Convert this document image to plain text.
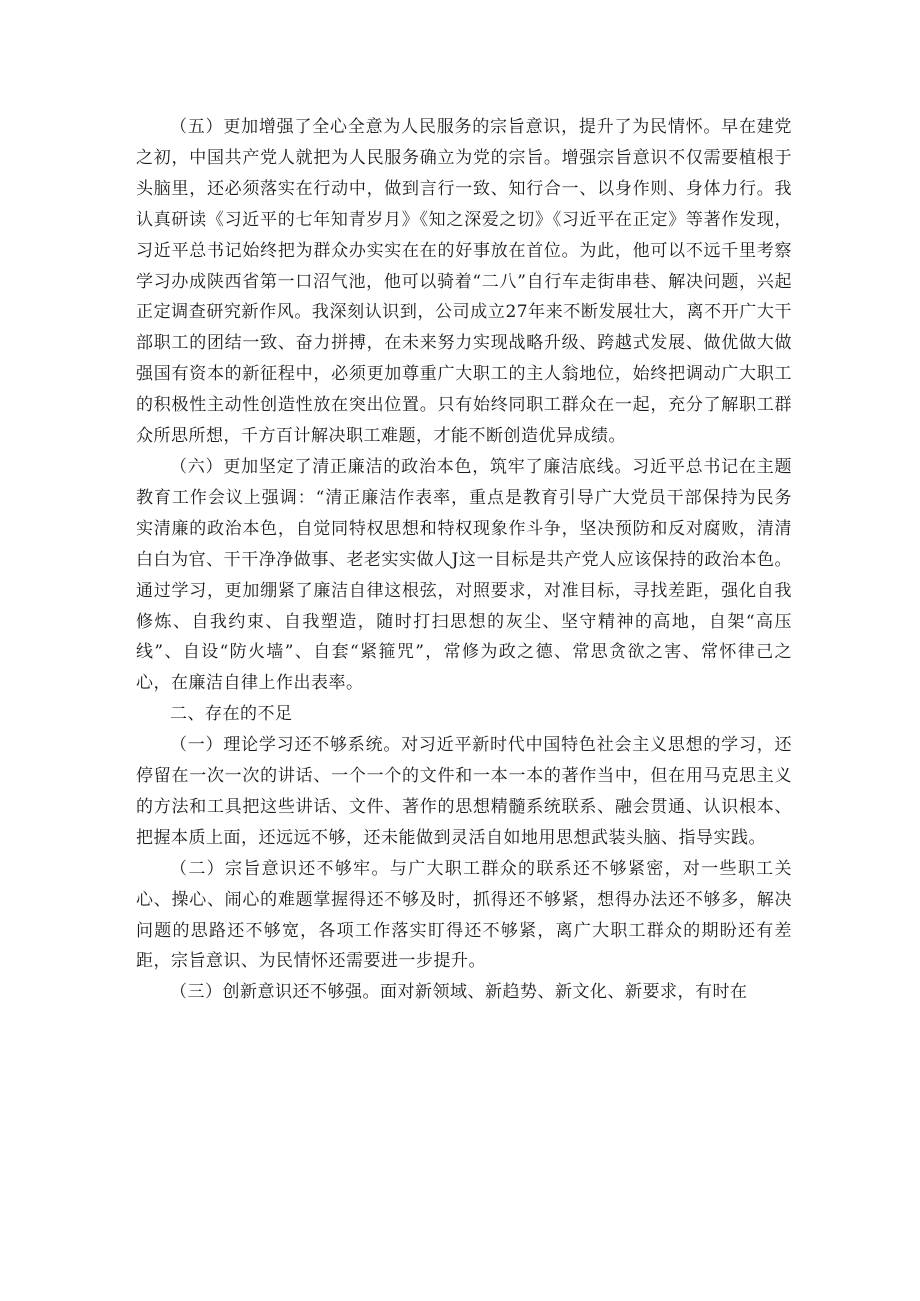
（五）更加增强了全心全意为人民服务的宗旨意识，提升了为民情怀。早在建党之初，中国共产党人就把为人民服务确立为党的宗旨。增强宗旨意识不仅需要植根于头脑里，还必须落实在行动中，做到言行一致、知行合一、以身作则、身体力行。我认真研读《习近平的七年知青岁月》《知之深爱之切》《习近平在正定》等著作发现，习近平总书记始终把为群众办实实在在的好事放在首位。为此，他可以不远千里考察学习办成陕西省第一口沼气池，他可以骑着“二八”自行车走街串巷、解决问题，兴起正定调查研究新作风。我深刻认识到，公司成立27年来不断发展壮大，离不开广大干部职工的团结一致、奋力拼搏，在未来努力实现战略升级、跨越式发展、做优做大做强国有资本的新征程中，必须更加尊重广大职工的主人翁地位，始终把调动广大职工的积极性主动性创造性放在突出位置。只有始终同职工群众在一起，充分了解职工群众所思所想，千方百计解决职工难题，才能不断创造优异成绩。

（六）更加坚定了清正廉洁的政治本色，筑牢了廉洁底线。习近平总书记在主题教育工作会议上强调：“清正廉洁作表率，重点是教育引导广大党员干部保持为民务实清廉的政治本色，自觉同特权思想和特权现象作斗争，坚决预防和反对腐败，清清白白为官、干干净净做事、老老实实做人J这一目标是共产党人应该保持的政治本色。通过学习，更加绷紧了廉洁自律这根弦，对照要求，对准目标，寻找差距，强化自我修炼、自我约束、自我塑造，随时打扫思想的灰尘、坚守精神的高地，自架“高压线”、自设“防火墙”、自套“紧箍咒”，常修为政之德、常思贪欲之害、常怀律己之心，在廉洁自律上作出表率。

二、存在的不足

（一）理论学习还不够系统。对习近平新时代中国特色社会主义思想的学习，还停留在一次一次的讲话、一个一个的文件和一本一本的著作当中，但在用马克思主义的方法和工具把这些讲话、文件、著作的思想精髓系统联系、融会贯通、认识根本、把握本质上面，还远远不够，还未能做到灵活自如地用思想武装头脑、指导实践。

（二）宗旨意识还不够牢。与广大职工群众的联系还不够紧密，对一些职工关心、操心、闹心的难题掌握得还不够及时，抓得还不够紧，想得办法还不够多，解决问题的思路还不够宽，各项工作落实盯得还不够紧，离广大职工群众的期盼还有差距，宗旨意识、为民情怀还需要进一步提升。

（三）创新意识还不够强。面对新领域、新趋势、新文化、新要求，有时在
